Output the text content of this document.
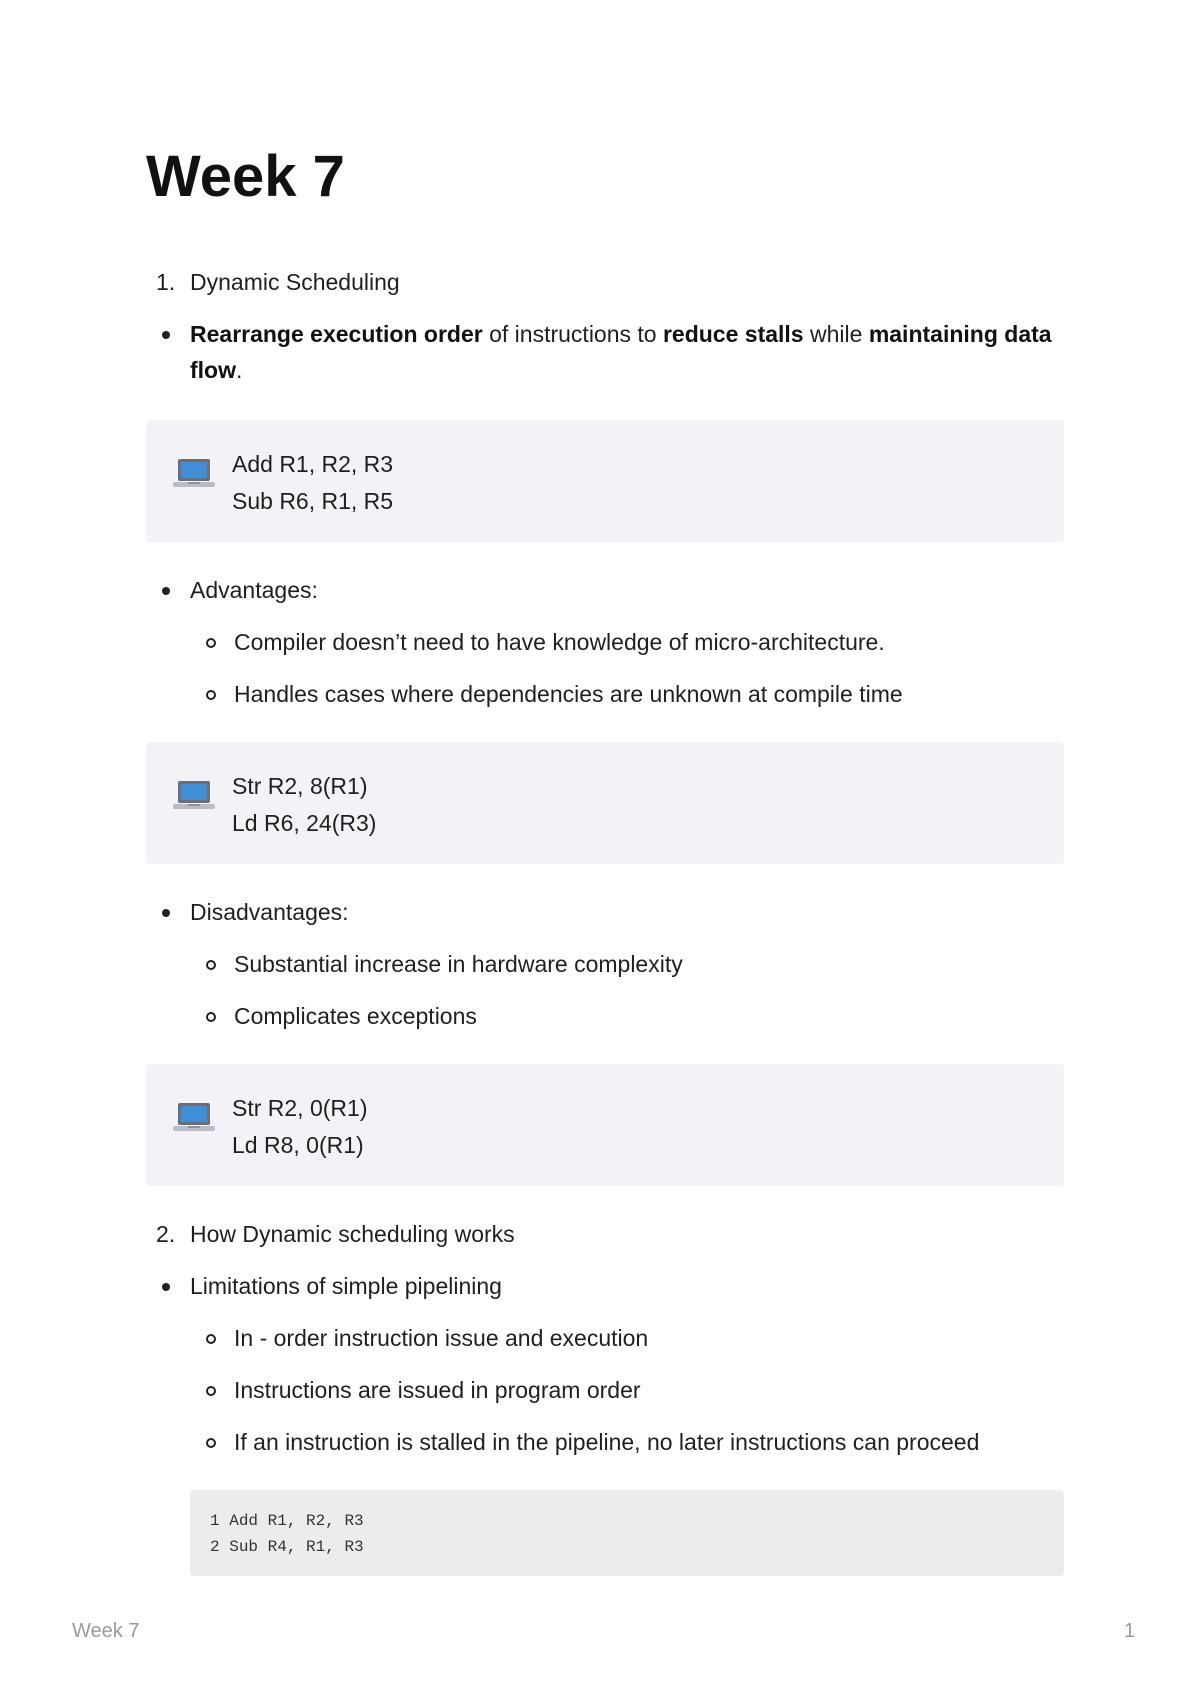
Week 7
1. Dynamic Scheduling
Rearrange execution order of instructions to reduce stalls while maintaining data flow.
Add R1, R2, R3
Sub R6, R1, R5
Advantages:
Compiler doesn’t need to have knowledge of micro-architecture.
Handles cases where dependencies are unknown at compile time
Str R2, 8(R1)
Ld R6, 24(R3)
Disadvantages:
Substantial increase in hardware complexity
Complicates exceptions
Str R2, 0(R1)
Ld R8, 0(R1)
2. How Dynamic scheduling works
Limitations of simple pipelining
In - order instruction issue and execution
Instructions are issued in program order
If an instruction is stalled in the pipeline, no later instructions can proceed
1 Add R1, R2, R3
2 Sub R4, R1, R3
Week 7	1
